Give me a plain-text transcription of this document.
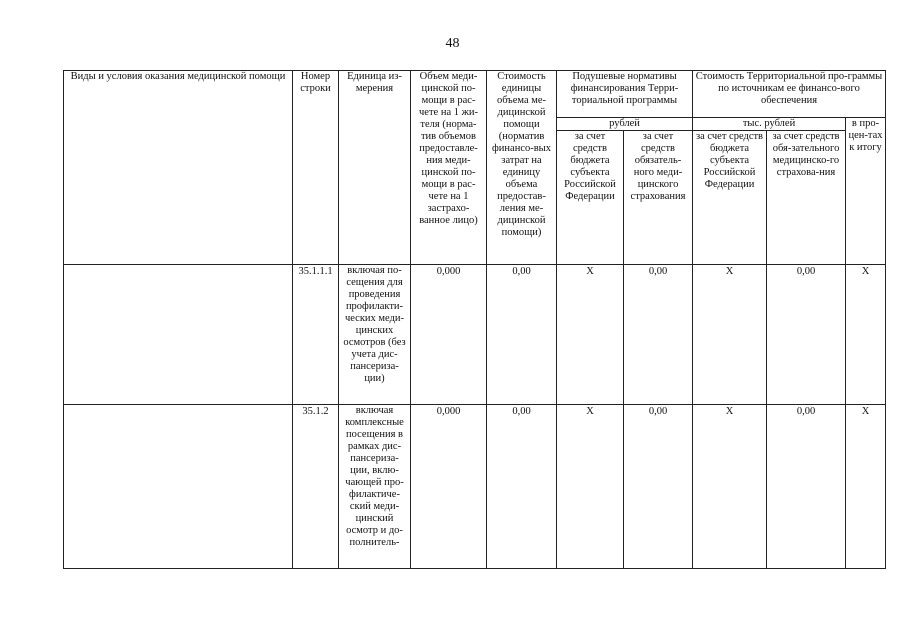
48
Виды и условия оказания медицинской помощи	Номер строки	Единица из-мерения	Объем меди-цинской по-мощи в рас-чете на 1 жи-теля (норма-тив объемов предоставле-ния меди-цинской по-мощи в рас-чете на 1 застрахо-ванное лицо)	Стоимость единицы объема ме-дицинской помощи (норматив финансо-вых затрат на единицу объема предостав-ления ме-дицинской помощи)	Подушевые нормативы финансирования Терри-ториальной программы		Стоимость Территориальной про-граммы по источникам ее финансо-вого обеспечения		
					рублей		тыс. рублей		в про-цен-тах к итогу
					за счет средств бюджета субъекта Российской Федерации	за счет средств обязатель-ного меди-цинского страхования	за счет средств бюджета субъекта Российской Федерации	за счет средств обя-зательного медицинско-го страхова-ния	
	35.1.1.1	включая по-сещения для проведения профилакти-ческих меди-цинских осмотров (без учета дис-пансериза-ции)	0,000	0,00	X	0,00	X	0,00	X
	35.1.2	включая комплексные посещения в рамках дис-пансериза-ции, вклю-чающей про-филактиче-ский меди-цинский осмотр и до-полнитель-	0,000	0,00	X	0,00	X	0,00	X
